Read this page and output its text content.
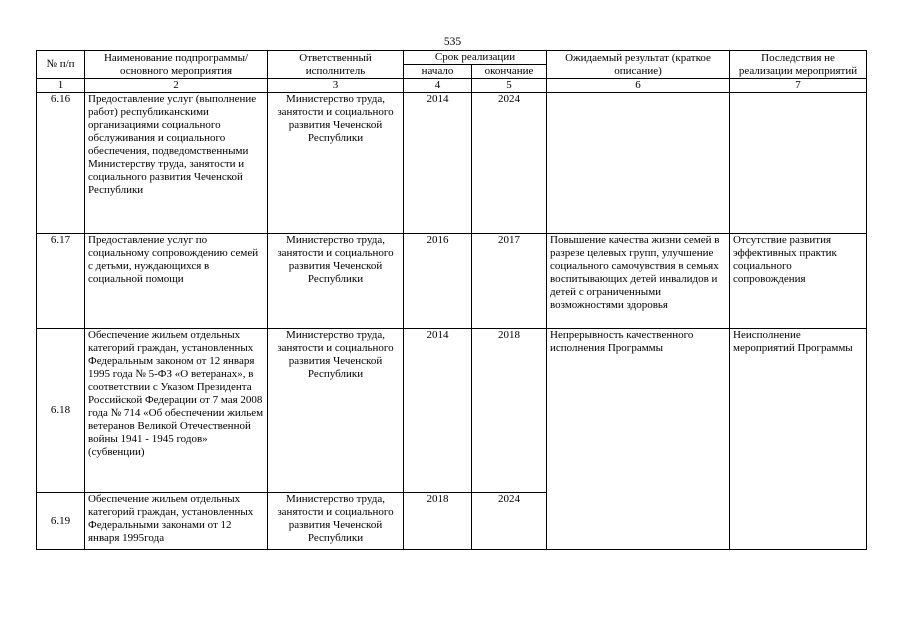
535
№ п/п	Наименование подпрограммы/ основного мероприятия	Ответственный исполнитель	Срок реализации		Ожидаемый результат (краткое описание)	Последствия не реализации мероприятий
			начало	окончание		
1	2	3	4	5	6	7
6.16	Предоставление услуг (выполнение работ) республиканскими организациями социального обслуживания и социального обеспечения, подведомственными Министерству труда, занятости и социального развития Чеченской Республики	Министерство труда, занятости и социального развития Чеченской Республики	2014	2024		
6.17	Предоставление услуг по социальному сопровождению семей с детьми, нуждающихся в социальной помощи	Министерство труда, занятости и социального развития Чеченской Республики	2016	2017	Повышение качества жизни семей в разрезе целевых групп, улучшение социального самочувствия в семьях воспитывающих детей инвалидов и детей с ограниченными возможностями здоровья	Отсутствие развития эффективных практик социального сопровождения
6.18	Обеспечение жильем отдельных категорий граждан, установленных Федеральным законом от 12 января 1995 года № 5-ФЗ «О ветеранах», в соответствии с Указом Президента Российской Федерации от 7 мая 2008 года № 714 «Об обеспечении жильем ветеранов Великой Отечественной войны 1941 - 1945 годов» (субвенции)	Министерство труда, занятости и социального развития Чеченской Республики	2014	2018	Непрерывность качественного исполнения Программы	Неисполнение мероприятий Программы
6.19	Обеспечение жильем отдельных категорий граждан, установленных Федеральными законами от 12 января 1995года	Министерство труда, занятости и социального развития Чеченской Республики	2018	2024		
